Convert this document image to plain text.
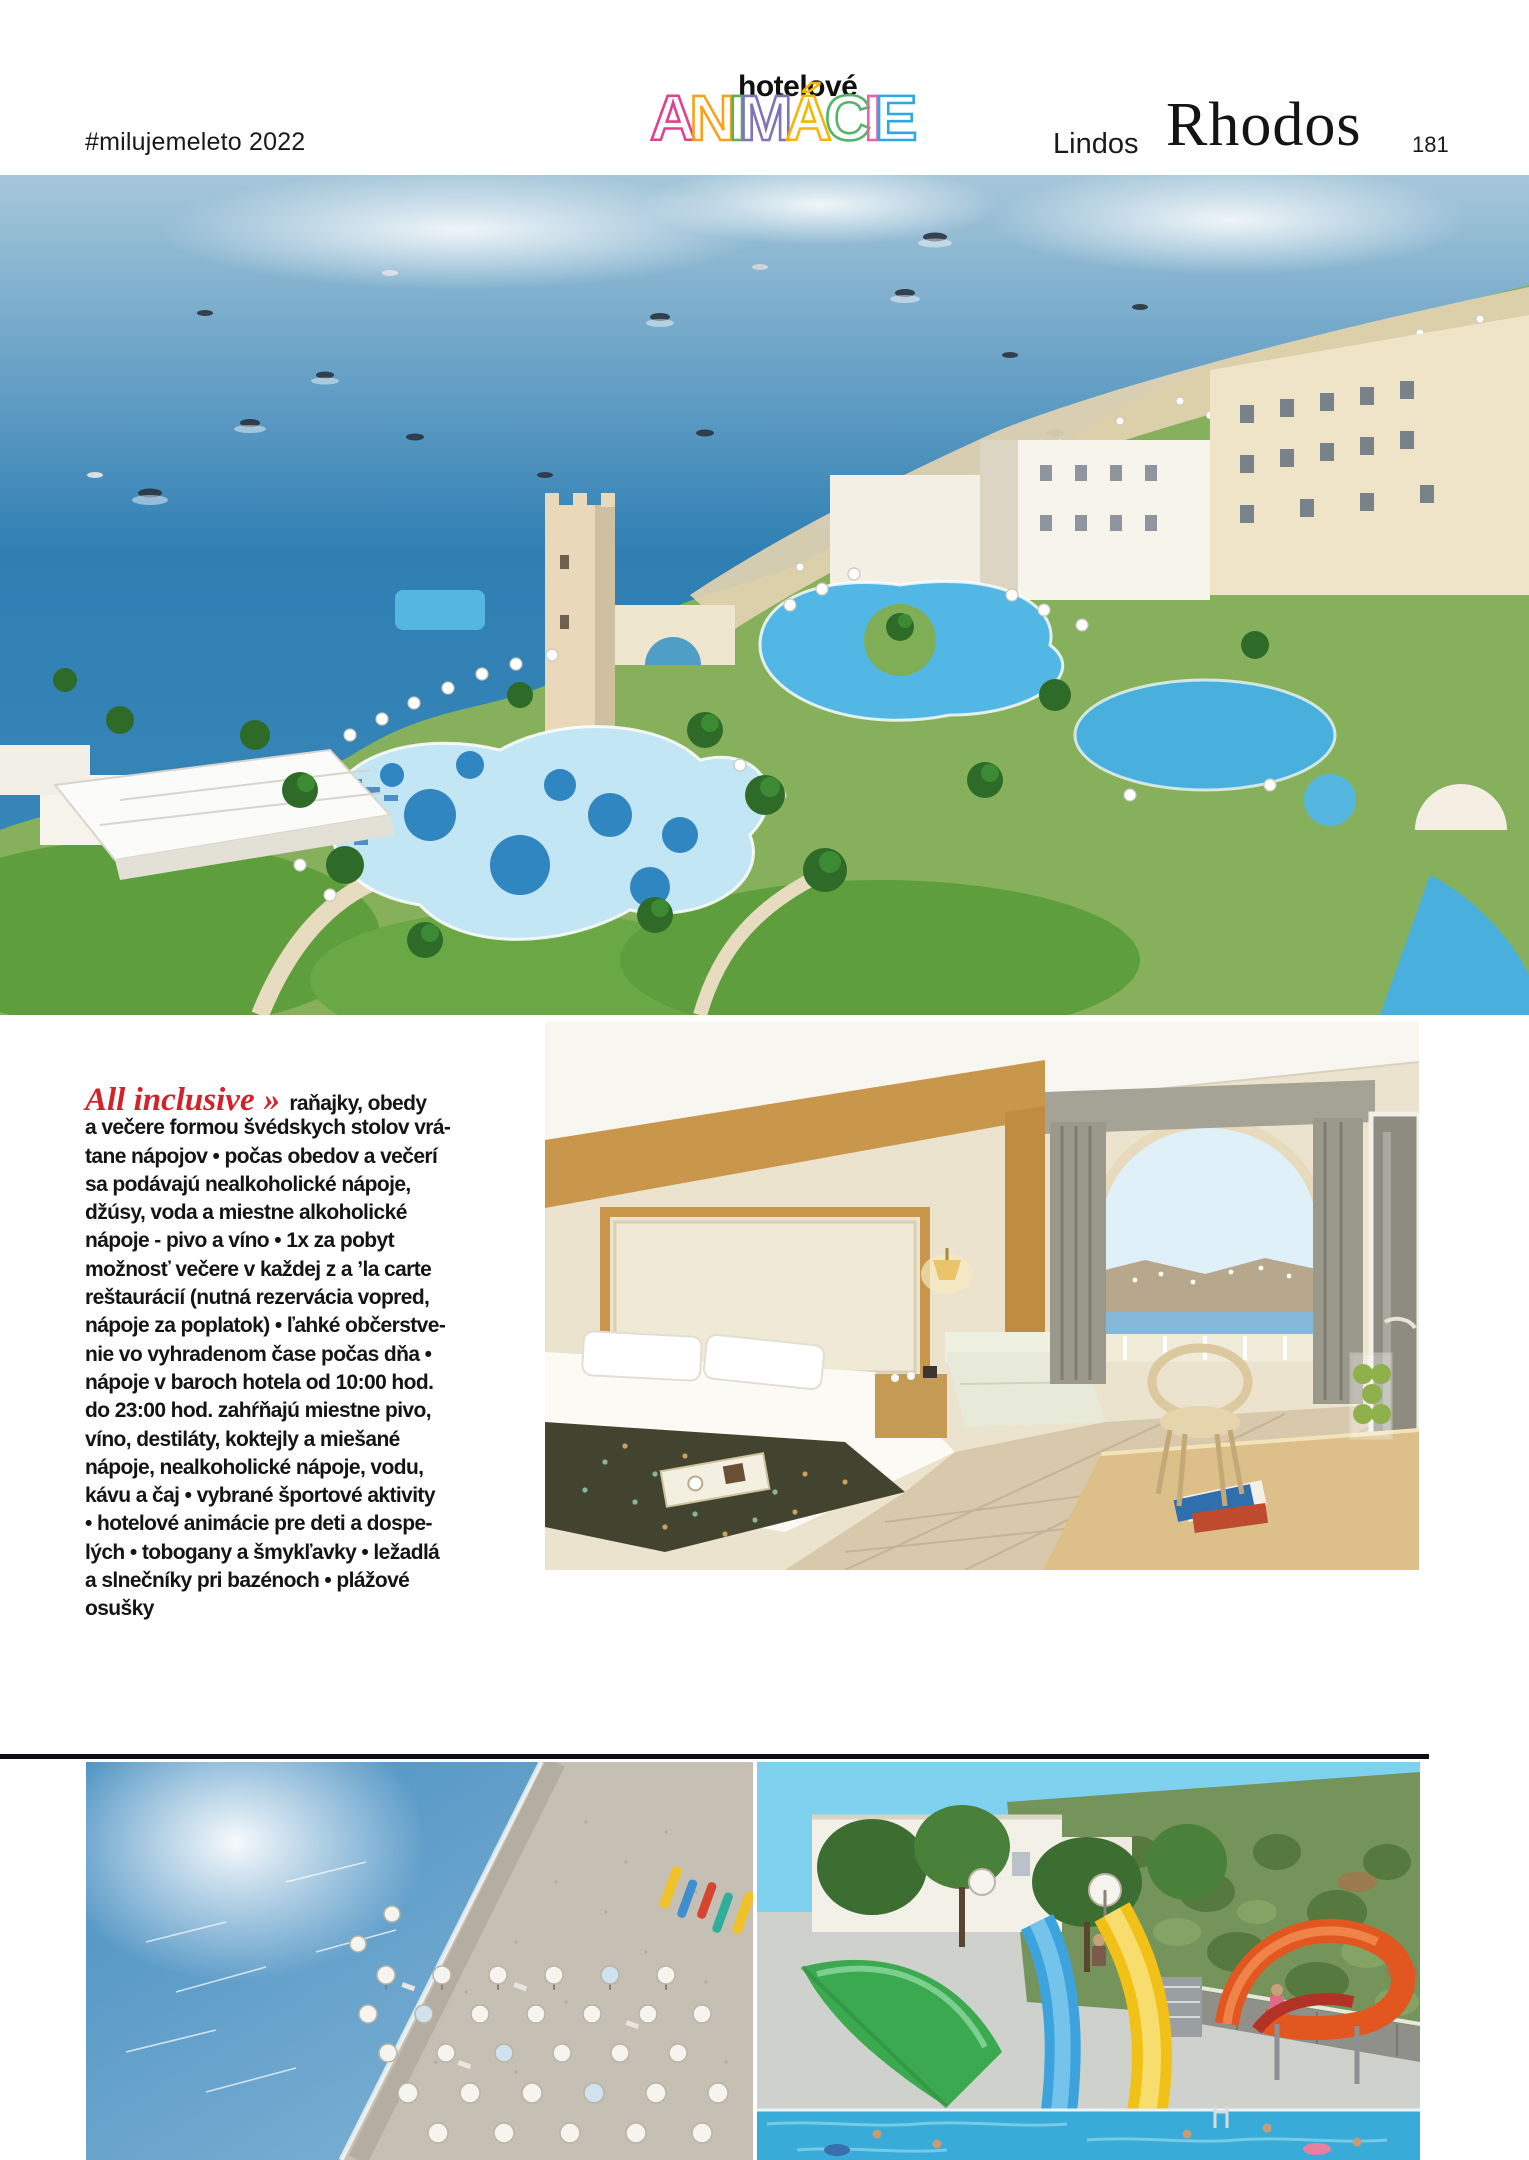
#milujemeleto 2022
hotelové
ANIMÁCIE	Lindos Rhodos 181
All inclusive » raňajky, obedy
a večere formou švédskych stolov vrá-
tane nápojov • počas obedov a večerí
sa podávajú nealkoholické nápoje,
džúsy, voda a miestne alkoholické
nápoje - pivo a víno • 1x za pobyt
možnosť večere v každej z a ʼla carte
reštaurácií (nutná rezervácia vopred,
nápoje za poplatok) • ľahké občerstve-
nie vo vyhradenom čase počas dňa •
nápoje v baroch hotela od 10:00 hod.
do 23:00 hod. zahŕňajú miestne pivo,
víno, destiláty, koktejly a miešané
nápoje, nealkoholické nápoje, vodu,
kávu a čaj • vybrané športové aktivity
• hotelové animácie pre deti a dospe-
lých • tobogany a šmykľavky • ležadlá
a slnečníky pri bazénoch • plážové
osušky
